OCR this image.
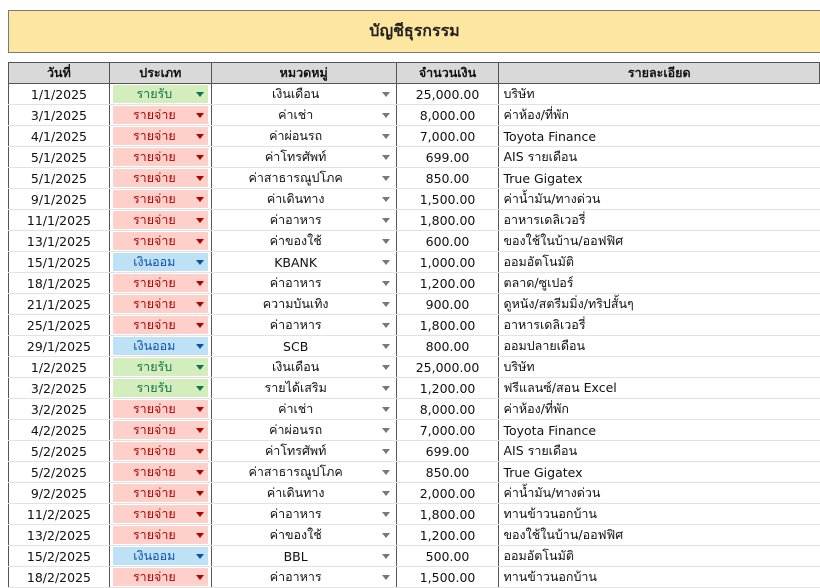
บัญชีธุรกรรม
วันที่	ประเภท	หมวดหมู่	จำนวนเงิน	รายละเอียด
1/1/2025	รายรับ	เงินเดือน	25,000.00	บริษัท
3/1/2025	รายจ่าย	ค่าเช่า	8,000.00	ค่าห้อง/ที่พัก
4/1/2025	รายจ่าย	ค่าผ่อนรถ	7,000.00	Toyota Finance
5/1/2025	รายจ่าย	ค่าโทรศัพท์	699.00	AIS รายเดือน
5/1/2025	รายจ่าย	ค่าสาธารณูปโภค	850.00	True Gigatex
9/1/2025	รายจ่าย	ค่าเดินทาง	1,500.00	ค่าน้ำมัน/ทางด่วน
11/1/2025	รายจ่าย	ค่าอาหาร	1,800.00	อาหารเดลิเวอรี่
13/1/2025	รายจ่าย	ค่าของใช้	600.00	ของใช้ในบ้าน/ออฟฟิศ
15/1/2025	เงินออม	KBANK	1,000.00	ออมอัตโนมัติ
18/1/2025	รายจ่าย	ค่าอาหาร	1,200.00	ตลาด/ซูเปอร์
21/1/2025	รายจ่าย	ความบันเทิง	900.00	ดูหนัง/สตรีมมิ่ง/ทริปสั้นๆ
25/1/2025	รายจ่าย	ค่าอาหาร	1,800.00	อาหารเดลิเวอรี่
29/1/2025	เงินออม	SCB	800.00	ออมปลายเดือน
1/2/2025	รายรับ	เงินเดือน	25,000.00	บริษัท
3/2/2025	รายรับ	รายได้เสริม	1,200.00	ฟรีแลนซ์/สอน Excel
3/2/2025	รายจ่าย	ค่าเช่า	8,000.00	ค่าห้อง/ที่พัก
4/2/2025	รายจ่าย	ค่าผ่อนรถ	7,000.00	Toyota Finance
5/2/2025	รายจ่าย	ค่าโทรศัพท์	699.00	AIS รายเดือน
5/2/2025	รายจ่าย	ค่าสาธารณูปโภค	850.00	True Gigatex
9/2/2025	รายจ่าย	ค่าเดินทาง	2,000.00	ค่าน้ำมัน/ทางด่วน
11/2/2025	รายจ่าย	ค่าอาหาร	1,800.00	ทานข้าวนอกบ้าน
13/2/2025	รายจ่าย	ค่าของใช้	1,200.00	ของใช้ในบ้าน/ออฟฟิศ
15/2/2025	เงินออม	BBL	500.00	ออมอัตโนมัติ
18/2/2025	รายจ่าย	ค่าอาหาร	1,500.00	ทานข้าวนอกบ้าน
